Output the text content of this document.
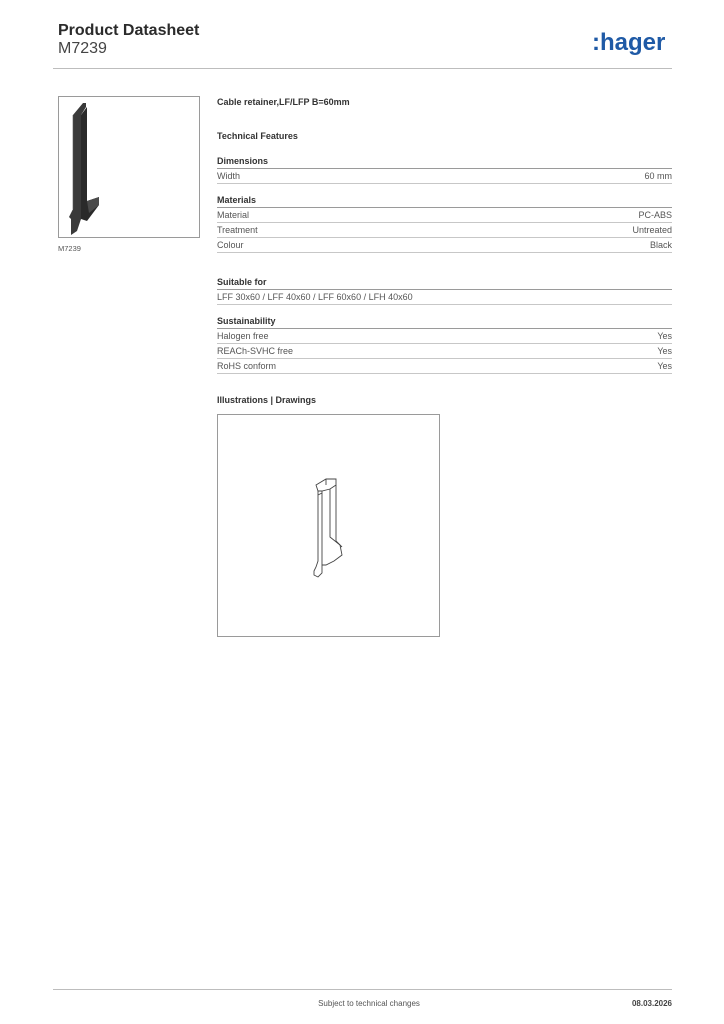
Product Datasheet
M7239	:hager
M7239
Cable retainer,LF/LFP B=60mm
Technical Features
Dimensions
Width	60 mm
Materials
Material	PC-ABS
Treatment	Untreated
Colour	Black
Suitable for
LFF 30x60 / LFF 40x60 / LFF 60x60 / LFH 40x60
Sustainability
Halogen free	Yes
REACh-SVHC free	Yes
RoHS conform	Yes
Illustrations | Drawings
Subject to technical changes	08.03.2026
